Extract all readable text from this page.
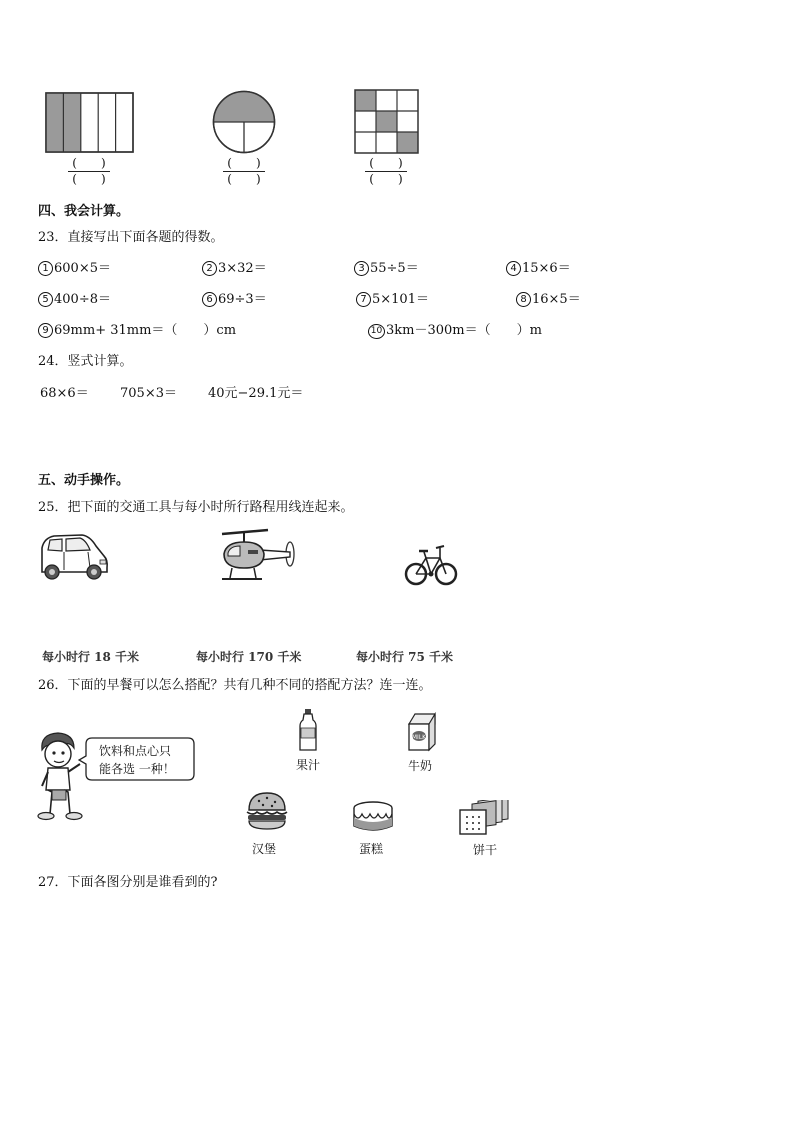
(　　 )
(　　 )
(　　 )
(　　 )
(　　 )
(　　 )
四、我会计算。
23．直接写出下面各题的得数。
1 600×5＝	2 3×32＝	3 55÷5＝	4 15×6＝
5 400÷8＝	6 69÷3＝	7 5×101＝	8 16×5＝
9 69mm+ 31mm＝（　　）cm	10 3km－300m＝（　　）m
24．竖式计算。
68×6＝ 705×3＝ 40元−29.1元＝
五、动手操作。
25．把下面的交通工具与每小时所行路程用线连起来。
每小时行 18 千米	每小时行 170 千米	每小时行 75 千米
26．下面的早餐可以怎么搭配？共有几种不同的搭配方法？连一连。
饮料和点心只
能各选 一种！	果汁
MILK
牛奶
汉堡	蛋糕	饼干
27．下面各图分别是谁看到的?
